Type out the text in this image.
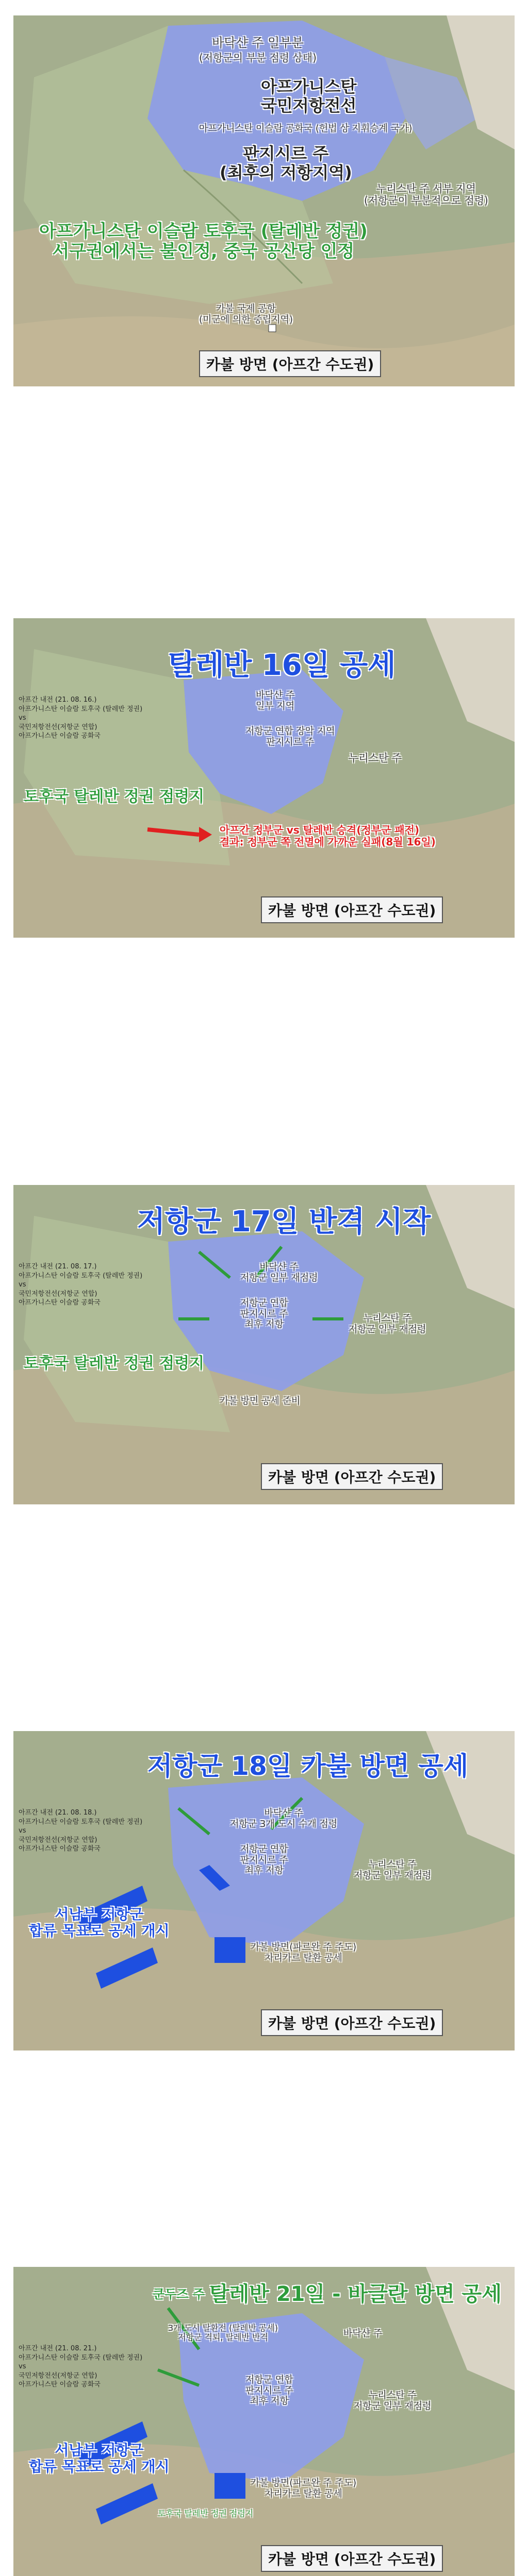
바닥샨 주 일부분
(저항군의 부분 점령 상태)
아프가니스탄
국민저항전선
아프가니스탄 이슬람 공화국 (헌법 상 지휘승계 국가)
판지시르 주
(최후의 저항지역)
누리스탄 주 서부 지역
(저항군이 부분적으로 점령)
아프가니스탄 이슬람 토후국 (탈레반 정권)
서구권에서는 불인정, 중국 공산당 인정
카불 국제 공항
(미군에 의한 중립지역)
카불 방면 (아프간 수도권)
아프간 내전 (21. 08. 16.)
아프가니스탄 이슬람 토후국 (탈레반 정권)
vs
국민저항전선(저항군 연합)
아프가니스탄 이슬람 공화국
탈레반 16일 공세
바닥샨 주
일부 지역
저항군 연합 장악 지역
판지시르 주
누리스탄 주
토후국 탈레반 정권 점령지
아프간 정부군 vs 탈레반 승격(정부군 패전)
결과: 정부군 쪽 전멸에 가까운 실패(8월 16일)
카불 방면 (아프간 수도권)
아프간 내전 (21. 08. 17.)
아프가니스탄 이슬람 토후국 (탈레반 정권)
vs
국민저항전선(저항군 연합)
아프가니스탄 이슬람 공화국
저항군 17일 반격 시작
바닥샨 주
저항군 일부 재점령
저항군 연합
판지시르 주
최후 저항
누리스탄 주
저항군 일부 재점령
토후국 탈레반 정권 점령지
카불 방면 공세 준비
카불 방면 (아프간 수도권)
아프간 내전 (21. 08. 18.)
아프가니스탄 이슬람 토후국 (탈레반 정권)
vs
국민저항전선(저항군 연합)
아프가니스탄 이슬람 공화국
저항군 18일 카불 방면 공세
바닥샨 주
저항군 3개 도시 수개 점령
저항군 연합
판지시르 주
최후 저항
누리스탄 주
저항군 일부 재점령
서남부 저항군
합류 목표로 공세 개시
카불 방면(파르완 주 주도)
차리카르 탈환 공세
카불 방면 (아프간 수도권)
아프간 내전 (21. 08. 21.)
아프가니스탄 이슬람 토후국 (탈레반 정권)
vs
국민저항전선(저항군 연합)
아프가니스탄 이슬람 공화국
쿤두즈 주 탈레반 21일 - 바글란 방면 공세
3개 도시 탈환전 (탈레반 공세)
저항군 격퇴, 탈레반 반격	바닥샨 주
저항군 연합
판지시르 주
최후 저항
누리스탄 주
저항군 일부 재점령
서남부 저항군
합류 목표로 공세 개시
카불 방면(파르완 주 주도)
차리카르 탈환 공세
토후국 탈레반 정권 점령지
카불 방면 (아프간 수도권)
